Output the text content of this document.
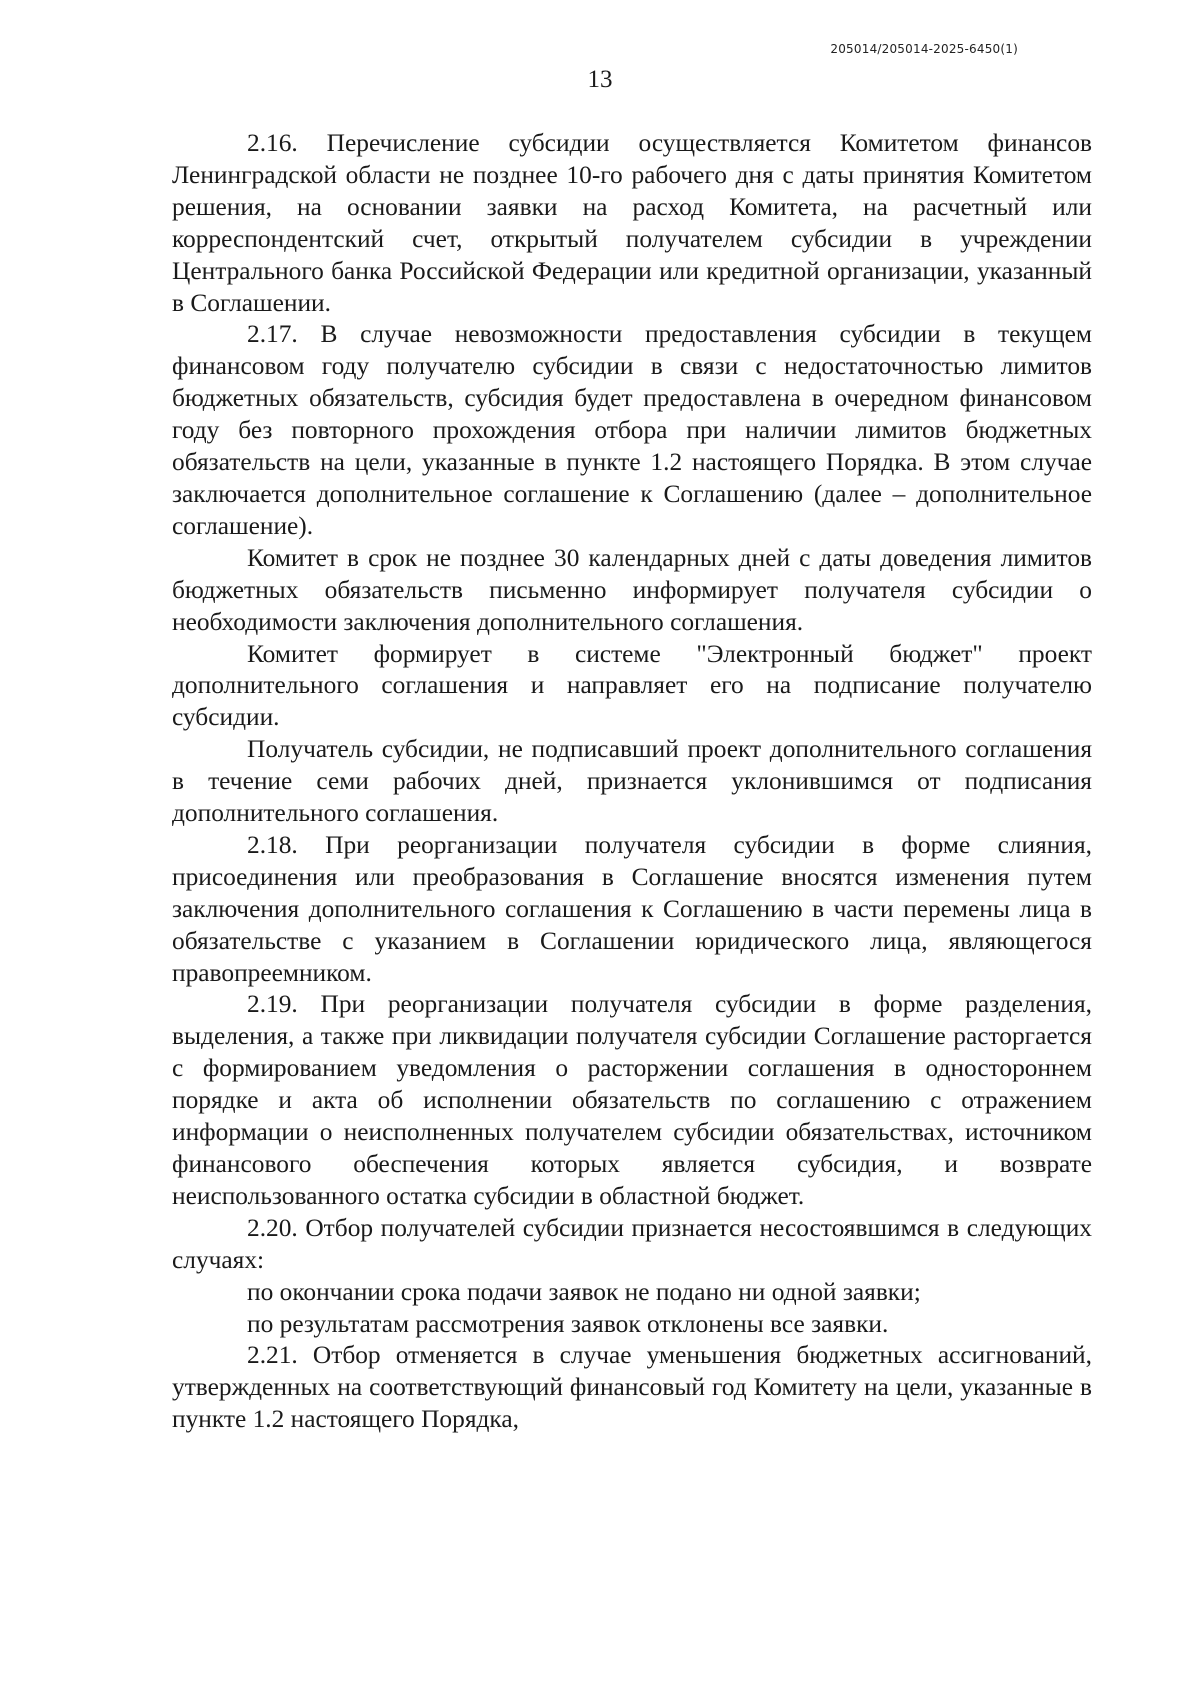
205014/205014-2025-6450(1)
13

2.16. Перечисление субсидии осуществляется Комитетом финансов Ленинградской области не позднее 10-го рабочего дня с даты принятия Комитетом решения, на основании заявки на расход Комитета, на расчетный или корреспондентский счет, открытый получателем субсидии в учреждении Центрального банка Российской Федерации или кредитной организации, указанный в Соглашении.

2.17. В случае невозможности предоставления субсидии в текущем финансовом году получателю субсидии в связи с недостаточностью лимитов бюджетных обязательств, субсидия будет предоставлена в очередном финансовом году без повторного прохождения отбора при наличии лимитов бюджетных обязательств на цели, указанные в пункте 1.2 настоящего Порядка. В этом случае заключается дополнительное соглашение к Соглашению (далее – дополнительное соглашение).

Комитет в срок не позднее 30 календарных дней с даты доведения лимитов бюджетных обязательств письменно информирует получателя субсидии о необходимости заключения дополнительного соглашения.

Комитет формирует в системе "Электронный бюджет" проект дополнительного соглашения и направляет его на подписание получателю субсидии.

Получатель субсидии, не подписавший проект дополнительного соглашения в течение семи рабочих дней, признается уклонившимся от подписания дополнительного соглашения.

2.18. При реорганизации получателя субсидии в форме слияния, присоединения или преобразования в Соглашение вносятся изменения путем заключения дополнительного соглашения к Соглашению в части перемены лица в обязательстве с указанием в Соглашении юридического лица, являющегося правопреемником.

2.19. При реорганизации получателя субсидии в форме разделения, выделения, а также при ликвидации получателя субсидии Соглашение расторгается с формированием уведомления о расторжении соглашения в одностороннем порядке и акта об исполнении обязательств по соглашению с отражением информации о неисполненных получателем субсидии обязательствах, источником финансового обеспечения которых является субсидия, и возврате неиспользованного остатка субсидии в областной бюджет.

2.20. Отбор получателей субсидии признается несостоявшимся в следующих случаях:

по окончании срока подачи заявок не подано ни одной заявки;

по результатам рассмотрения заявок отклонены все заявки.

2.21. Отбор отменяется в случае уменьшения бюджетных ассигнований, утвержденных на соответствующий финансовый год Комитету на цели, указанные в пункте 1.2 настоящего Порядка,
